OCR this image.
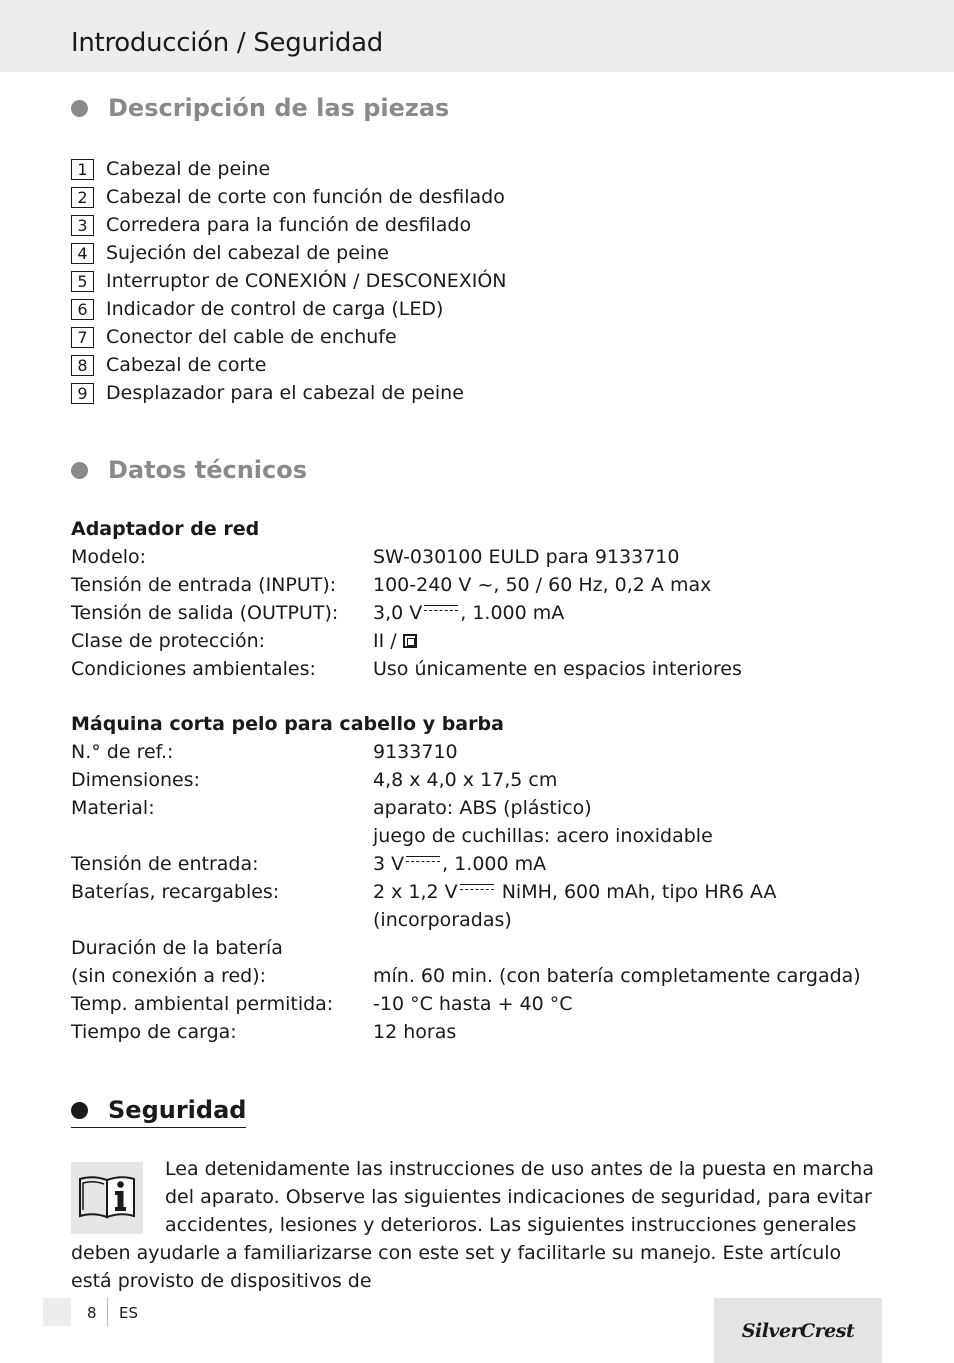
Introducción / Seguridad
Descripción de las piezas
1 Cabezal de peine
2 Cabezal de corte con función de desfilado
3 Corredera para la función de desfilado
4 Sujeción del cabezal de peine
5 Interruptor de CONEXIÓN / DESCONEXIÓN
6 Indicador de control de carga (LED)
7 Conector del cable de enchufe
8 Cabezal de corte
9 Desplazador para el cabezal de peine
Datos técnicos
Adaptador de red
Modelo:	SW-030100 EULD para 9133710
Tensión de entrada (INPUT):	100-240 V ~, 50 / 60 Hz, 0,2 A max
Tensión de salida (OUTPUT):	3,0 V , 1.000 mA
Clase de protección:	II /
Condiciones ambientales:	Uso únicamente en espacios interiores
Máquina corta pelo para cabello y barba
N.° de ref.:	9133710
Dimensiones:	4,8 x 4,0 x 17,5 cm
Material:	aparato: ABS (plástico)
juego de cuchillas: acero inoxidable
Tensión de entrada:	3 V , 1.000 mA
Baterías, recargables:	2 x 1,2 V NiMH, 600 mAh, tipo HR6 AA
(incorporadas)
Duración de la batería
(sin conexión a red):	mín. 60 min. (con batería completamente cargada)
Temp. ambiental permitida:	-10 °C hasta + 40 °C
Tiempo de carga:	12 horas
Seguridad
Lea detenidamente las instrucciones de uso antes de la puesta en marcha del aparato. Observe las siguientes indicaciones de seguridad, para evitar accidentes, lesiones y deterioros. Las siguientes instrucciones generales deben ayudarle a familiarizarse con este set y facilitarle su manejo. Este artículo está provisto de dispositivos de
8 ES
SilverCrest
